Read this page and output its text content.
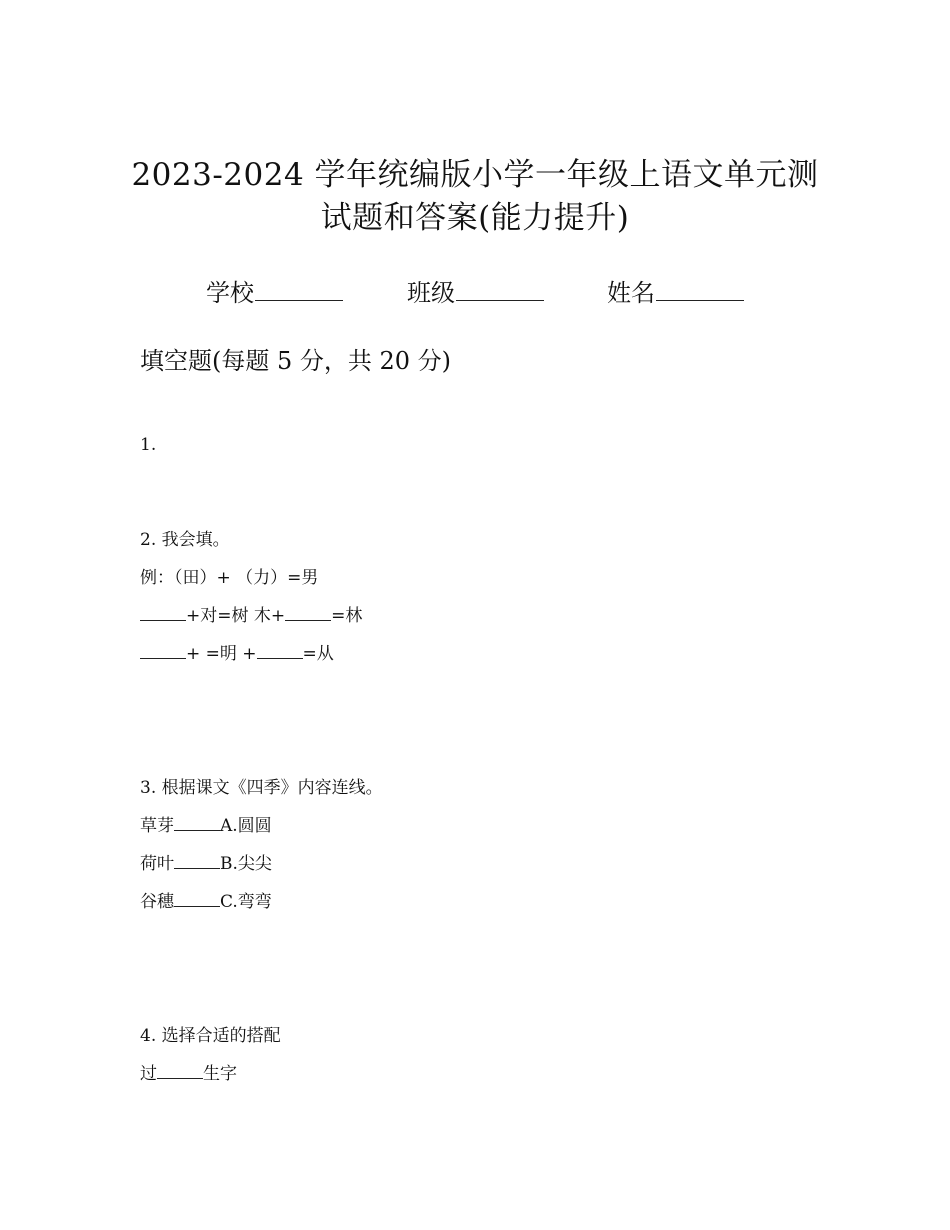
2023-2024 学年统编版小学一年级上语文单元测
试题和答案(能力提升)
学校	班级	姓名
填空题(每题 5 分，共 20 分)
1.
2. 我会填。
例：（田）+ （力）=男
+对=树 木+	=林
+ =明 +	=从
3. 根据课文《四季》内容连线。
草芽	A.圆圆
荷叶	B.尖尖
谷穗	C.弯弯
4. 选择合适的搭配
过	生字
